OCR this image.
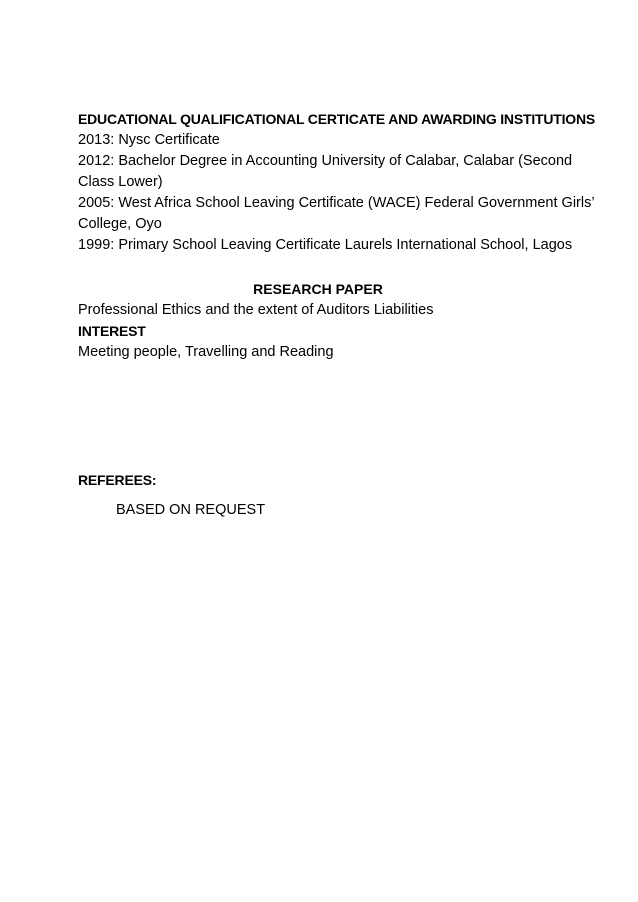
EDUCATIONAL QUALIFICATIONAL CERTICATE AND AWARDING INSTITUTIONS
2013: Nysc Certificate
2012: Bachelor Degree in Accounting University of Calabar, Calabar (Second
Class Lower)
2005: West Africa School Leaving Certificate (WACE) Federal Government Girls’
College, Oyo
1999: Primary School Leaving Certificate Laurels International School, Lagos
RESEARCH PAPER
Professional Ethics and the extent of Auditors Liabilities
INTEREST
Meeting people, Travelling and Reading
REFEREES:
BASED ON REQUEST
